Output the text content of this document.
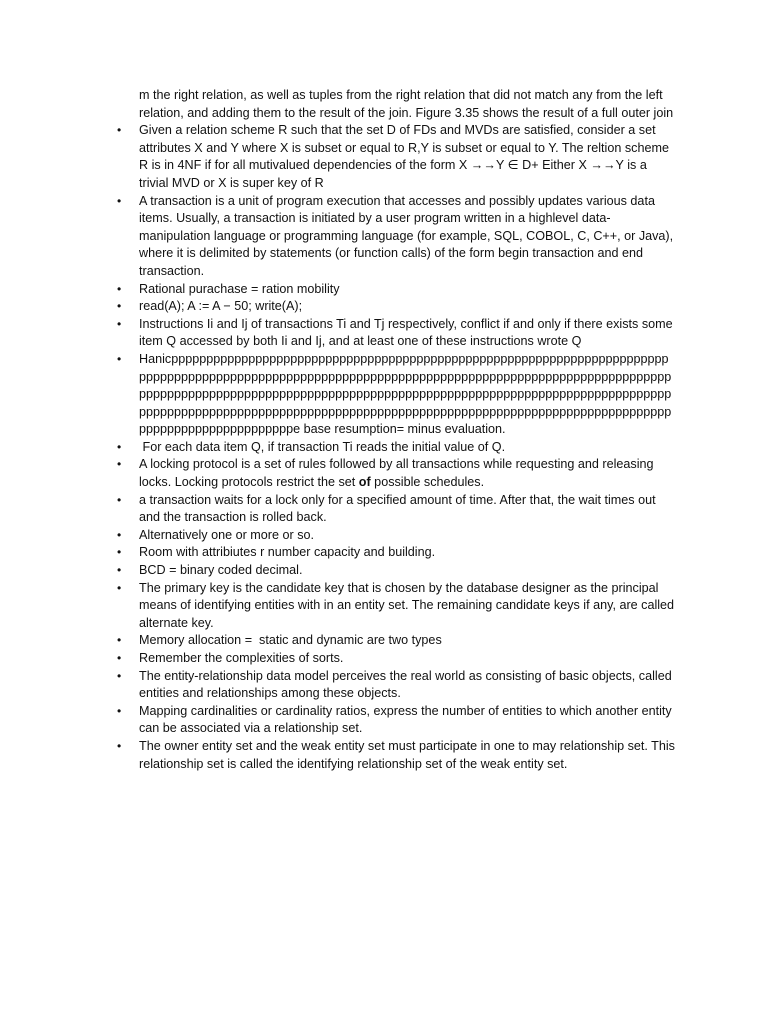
m the right relation, as well as tuples from the right relation that did not match any from the left relation, and adding them to the result of the join. Figure 3.35 shows the result of a full outer join

• Given a relation scheme R such that the set D of FDs and MVDs are satisfied, consider a set attributes X and Y where X is subset or equal to R,Y is subset or equal to Y. The reltion scheme R is in 4NF if for all mutivalued dependencies of the form X →→Y ∈ D+ Either X →→Y is a trivial MVD or X is super key of R
• A transaction is a unit of program execution that accesses and possibly updates various data items. Usually, a transaction is initiated by a user program written in a highlevel data-manipulation language or programming language (for example, SQL, COBOL, C, C++, or Java), where it is delimited by statements (or function calls) of the form begin transaction and end transaction.
• Rational purachase = ration mobility
• read(A); A := A − 50; write(A);
• Instructions Ii and Ij of transactions Ti and Tj respectively, conflict if and only if there exists some item Q accessed by both Ii and Ij, and at least one of these instructions wrote Q
• Hanicpppppppppppppppppppppppppppppppppppppppppppppppppppppppppppppppppppppppppppppppppppppppppppppppppppppppppppppppppppppppppppppppppppppppppppppppppppppppppppppppppppppppppppppppppppppppppppppppppppppppppppppppppppppppppppppppppppppppppppppppppppppppppppppppppppppppppppppppppppppppppppppppppppppppppppppppppppppppppppppppppe base resumption= minus evaluation.
• For each data item Q, if transaction Ti reads the initial value of Q.
• A locking protocol is a set of rules followed by all transactions while requesting and releasing locks. Locking protocols restrict the set of possible schedules.
• a transaction waits for a lock only for a specified amount of time. After that, the wait times out and the transaction is rolled back.
• Alternatively one or more or so.
• Room with attribiutes r number capacity and building.
• BCD = binary coded decimal.
• The primary key is the candidate key that is chosen by the database designer as the principal means of identifying entities with in an entity set. The remaining candidate keys if any, are called alternate key.
• Memory allocation =  static and dynamic are two types
• Remember the complexities of sorts.
• The entity-relationship data model perceives the real world as consisting of basic objects, called entities and relationships among these objects.
• Mapping cardinalities or cardinality ratios, express the number of entities to which another entity can be associated via a relationship set.
• The owner entity set and the weak entity set must participate in one to may relationship set. This relationship set is called the identifying relationship set of the weak entity set.
